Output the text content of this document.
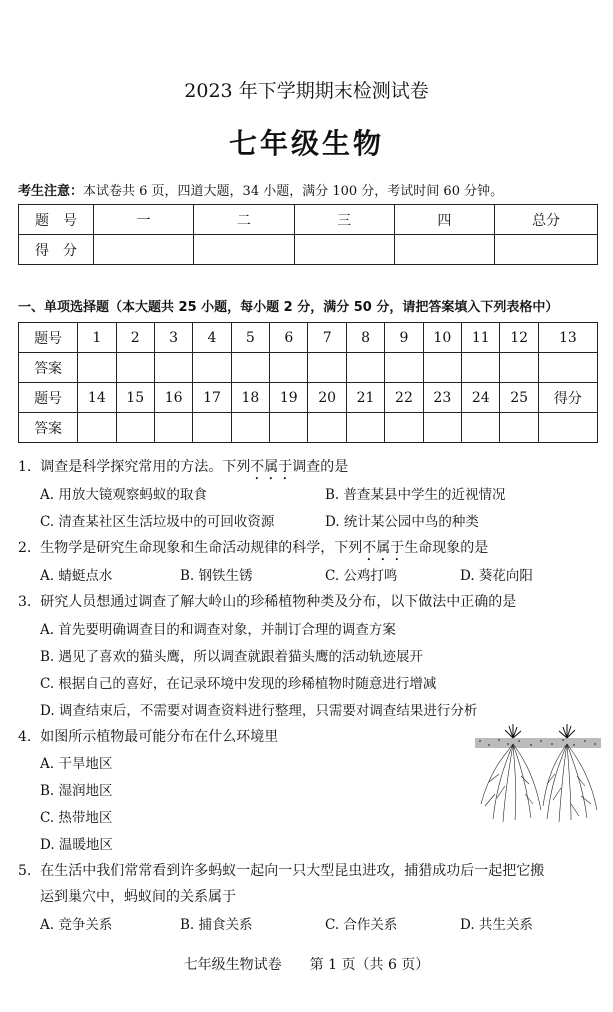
2023 年下学期期末检测试卷
七年级生物
考生注意：本试卷共 6 页，四道大题，34 小题，满分 100 分，考试时间 60 分钟。
题　号	一	二	三	四	总分
得　分					
一、单项选择题（本大题共 25 小题，每小题 2 分，满分 50 分，请把答案填入下列表格中）
题号	1	2	3	4	5	6	7	8	9	10	11	12	13
答案													
题号	14	15	16	17	18	19	20	21	22	23	24	25	得分
答案													
1. 调查是科学探究常用的方法。下列不属于调查的是
A. 用放大镜观察蚂蚁的取食	B. 普查某县中学生的近视情况
C. 清查某社区生活垃圾中的可回收资源	D. 统计某公园中鸟的种类
2. 生物学是研究生命现象和生命活动规律的科学，下列不属于生命现象的是
A. 蜻蜓点水	B. 钢铁生锈	C. 公鸡打鸣	D. 葵花向阳
3. 研究人员想通过调查了解大岭山的珍稀植物种类及分布，以下做法中正确的是
A. 首先要明确调查目的和调查对象，并制订合理的调查方案
B. 遇见了喜欢的猫头鹰，所以调查就跟着猫头鹰的活动轨迹展开
C. 根据自己的喜好，在记录环境中发现的珍稀植物时随意进行增减
D. 调查结束后，不需要对调查资料进行整理，只需要对调查结果进行分析
4. 如图所示植物最可能分布在什么环境里
A. 干旱地区
B. 湿润地区
C. 热带地区
D. 温暖地区
5. 在生活中我们常常看到许多蚂蚁一起向一只大型昆虫进攻，捕猎成功后一起把它搬
运到巢穴中，蚂蚁间的关系属于
A. 竞争关系	B. 捕食关系	C. 合作关系	D. 共生关系
七年级生物试卷　　第 1 页（共 6 页）
